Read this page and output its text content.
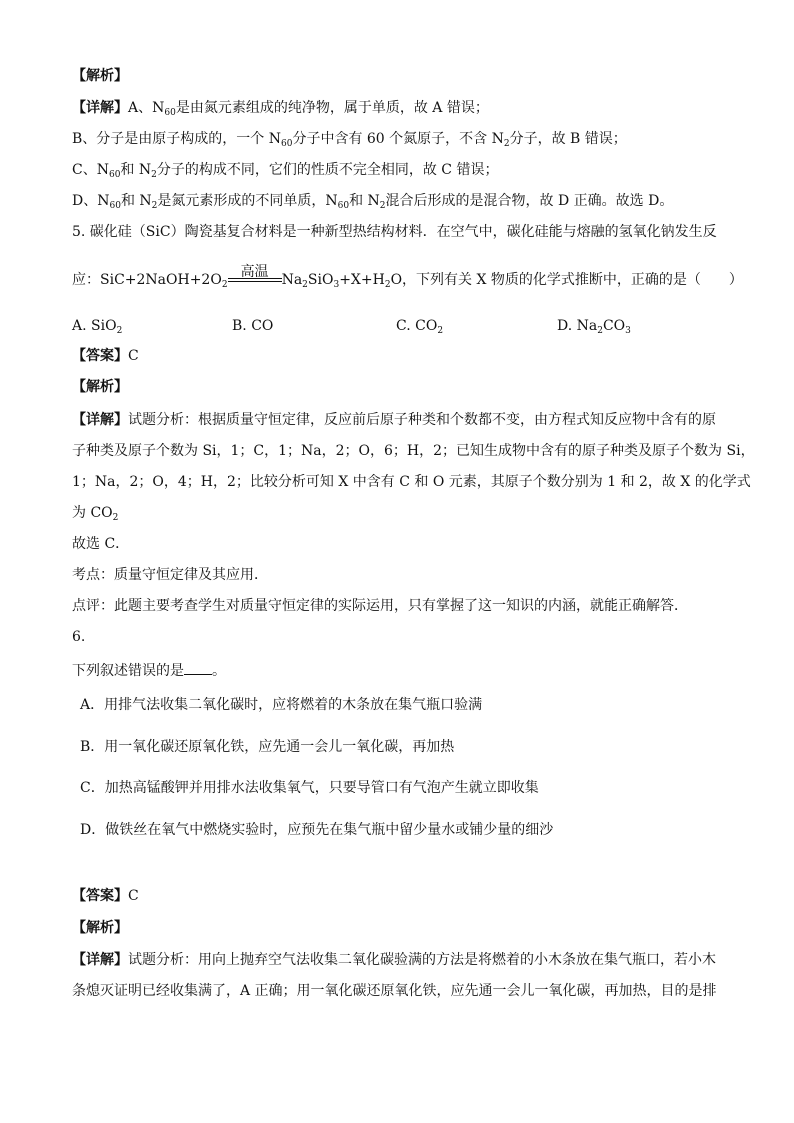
【解析】
【详解】A、$N_{60}$是由氮元素组成的纯净物，属于单质，故 A 错误；
B、分子是由原子构成的，一个 $N_{60}$分子中含有 60 个氮原子，不含 $N_2$分子，故 B 错误；
C、$N_{60}$和 $N_2$分子的构成不同，它们的性质不完全相同，故 C 错误；
D、$N_{60}$和 $N_2$是氮元素形成的不同单质，$N_{60}$和 $N_2$混合后形成的是混合物，故 D 正确。故选 D。
5. 碳化硅（SiC）陶瓷基复合材料是一种新型热结构材料．在空气中，碳化硅能与熔融的氢氧化钠发生反
应：$SiC+2NaOH+2O_2$
高温 $Na_2SiO_3+X+H_2O$，下列有关 X 物质的化学式推断中，正确的是（　　）
A. SiO$_2$	B. CO	C. $CO_2$	D. $Na_2CO_3$
【答案】C
【解析】
【详解】试题分析：根据质量守恒定律，反应前后原子种类和个数都不变，由方程式知反应物中含有的原
子种类及原子个数为 Si，1；C，1；Na，2；O，6；H，2；已知生成物中含有的原子种类及原子个数为 Si，
1；Na，2；O，4；H，2；比较分析可知 X 中含有 C 和 O 元素，其原子个数分别为 1 和 2，故 X 的化学式
为 $CO_2$
故选 C．
考点：质量守恒定律及其应用．
点评：此题主要考查学生对质量守恒定律的实际运用，只有掌握了这一知识的内涵，就能正确解答．
6.
下列叙述错误的是 。
A．用排气法收集二氧化碳时，应将燃着的木条放在集气瓶口验满
B．用一氧化碳还原氧化铁，应先通一会儿一氧化碳，再加热
C．加热高锰酸钾并用排水法收集氧气，只要导管口有气泡产生就立即收集
D．做铁丝在氧气中燃烧实验时，应预先在集气瓶中留少量水或铺少量的细沙
【答案】C
【解析】
【详解】试题分析：用向上抛弃空气法收集二氧化碳验满的方法是将燃着的小木条放在集气瓶口，若小木
条熄灭证明已经收集满了，A 正确；用一氧化碳还原氧化铁，应先通一会儿一氧化碳，再加热，目的是排
